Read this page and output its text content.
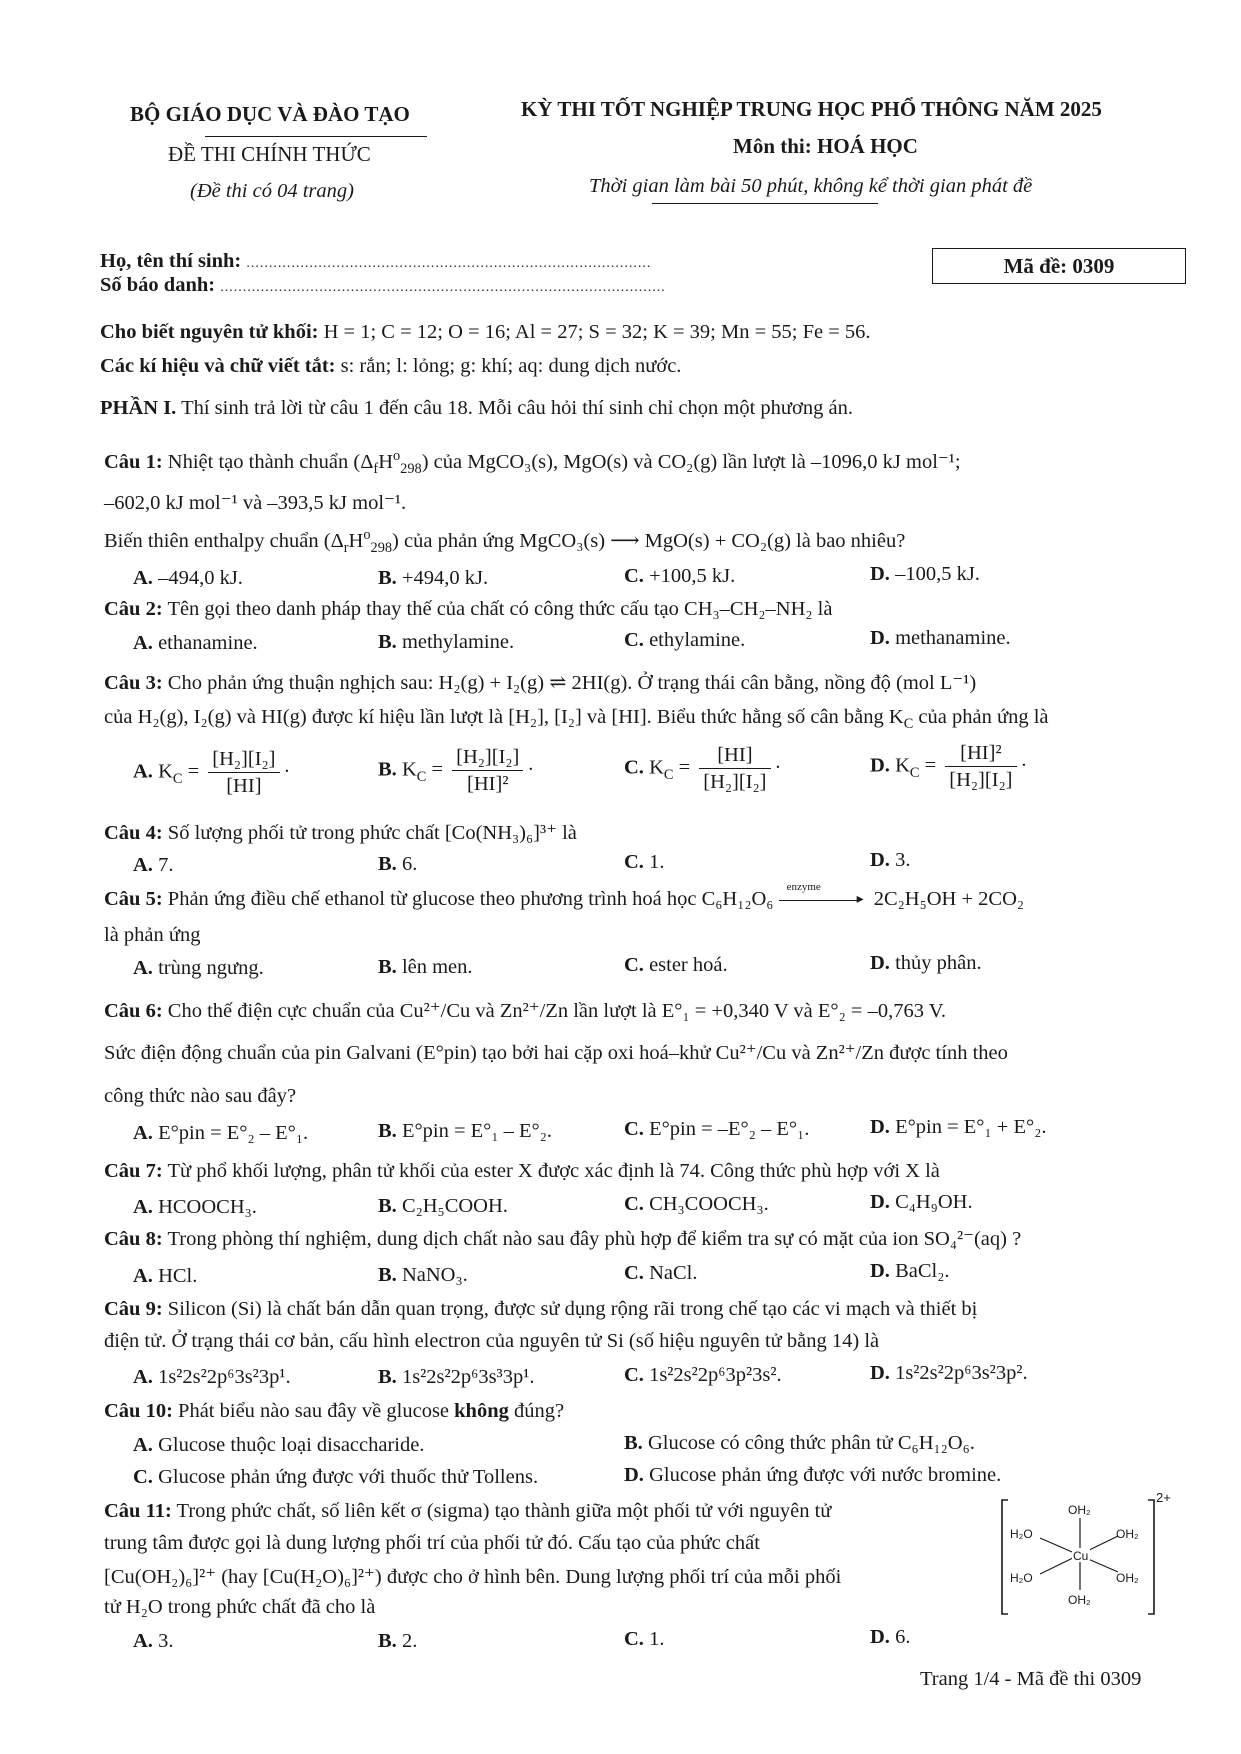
BỘ GIÁO DỤC VÀ ĐÀO TẠO
ĐỀ THI CHÍNH THỨC
(Đề thi có 04 trang)
KỲ THI TỐT NGHIỆP TRUNG HỌC PHỔ THÔNG NĂM 2025
Môn thi: HOÁ HỌC
Thời gian làm bài 50 phút, không kể thời gian phát đề
Họ, tên thí sinh: ..........................................................................................
Số báo danh: ...................................................................................................
Mã đề: 0309
Cho biết nguyên tử khối: H = 1; C = 12; O = 16; Al = 27; S = 32; K = 39; Mn = 55; Fe = 56.
Các kí hiệu và chữ viết tắt: s: rắn; l: lỏng; g: khí; aq: dung dịch nước.
PHẦN I. Thí sinh trả lời từ câu 1 đến câu 18. Mỗi câu hỏi thí sinh chỉ chọn một phương án.
Câu 1: Nhiệt tạo thành chuẩn $(\Delta_fH^o_{298})$ của MgCO₃(s), MgO(s) và CO₂(g) lần lượt là –1096,0 kJ mol⁻¹;
–602,0 kJ mol⁻¹ và –393,5 kJ mol⁻¹.
Biến thiên enthalpy chuẩn $(\Delta_rH^o_{298})$ của phản ứng MgCO₃(s) ⟶ MgO(s) + CO₂(g) là bao nhiêu?
A. –494,0 kJ.	B. +494,0 kJ.	C. +100,5 kJ.	D. –100,5 kJ.
Câu 2: Tên gọi theo danh pháp thay thế của chất có công thức cấu tạo CH₃–CH₂–NH₂ là
A. ethanamine.	B. methylamine.	C. ethylamine.	D. methanamine.
Câu 3: Cho phản ứng thuận nghịch sau: H₂(g) + I₂(g) ⇌ 2HI(g). Ở trạng thái cân bằng, nồng độ (mol L⁻¹)
của H₂(g), I₂(g) và HI(g) được kí hiệu lần lượt là [H₂], [I₂] và [HI]. Biểu thức hằng số cân bằng $K_C$ của phản ứng là
A. $K_C = \frac{\text{[H₂][I₂]}}{[HI]}$ ·	B. $K_C = \frac{\text{[H₂][I₂]}}{\text{[HI]²}}$ ·	C. $K_C = \frac{[HI]}{\text{[H₂][I₂]}}$ ·	D. $K_C = \frac{\text{[HI]²}}{\text{[H₂][I₂]}}$ ·
Câu 4: Số lượng phối tử trong phức chất [Co(NH₃)₆]³⁺ là
A. 7.	B. 6.	C. 1.	D. 3.
Câu 5: Phản ứng điều chế ethanol từ glucose theo phương trình hoá học C₆H₁₂O₆
enzyme
▸ 2C₂H₅OH + 2CO₂
là phản ứng
A. trùng ngưng.	B. lên men.	C. ester hoá.	D. thủy phân.
Câu 6: Cho thế điện cực chuẩn của Cu²⁺/Cu và Zn²⁺/Zn lần lượt là E°₁ = +0,340 V và E°₂ = –0,763 V.
Sức điện động chuẩn của pin Galvani (E°pin) tạo bởi hai cặp oxi hoá–khử Cu²⁺/Cu và Zn²⁺/Zn được tính theo
công thức nào sau đây?
A. E°pin = E°₂ – E°₁.	B. E°pin = E°₁ – E°₂.	C. E°pin = –E°₂ – E°₁.	D. E°pin = E°₁ + E°₂.
Câu 7: Từ phổ khối lượng, phân tử khối của ester X được xác định là 74. Công thức phù hợp với X là
A. HCOOCH₃.	B. C₂H₅COOH.	C. CH₃COOCH₃.	D. C₄H₉OH.
Câu 8: Trong phòng thí nghiệm, dung dịch chất nào sau đây phù hợp để kiểm tra sự có mặt của ion SO₄²⁻(aq) ?
A. HCl.	B. NaNO₃.	C. NaCl.	D. BaCl₂.
Câu 9: Silicon (Si) là chất bán dẫn quan trọng, được sử dụng rộng rãi trong chế tạo các vi mạch và thiết bị
điện tử. Ở trạng thái cơ bản, cấu hình electron của nguyên tử Si (số hiệu nguyên tử bằng 14) là
A. 1s²2s²2p⁶3s²3p¹.	B. 1s²2s²2p⁶3s³3p¹.	C. 1s²2s²2p⁶3p²3s².	D. 1s²2s²2p⁶3s²3p².
Câu 10: Phát biểu nào sau đây về glucose không đúng?
A. Glucose thuộc loại disaccharide.	B. Glucose có công thức phân tử C₆H₁₂O₆.
C. Glucose phản ứng được với thuốc thử Tollens.	D. Glucose phản ứng được với nước bromine.
Câu 11: Trong phức chất, số liên kết σ (sigma) tạo thành giữa một phối tử với nguyên tử
trung tâm được gọi là dung lượng phối trí của phối tử đó. Cấu tạo của phức chất
[Cu(OH₂)₆]²⁺ (hay [Cu(H₂O)₆]²⁺) được cho ở hình bên. Dung lượng phối trí của mỗi phối
tử H₂O trong phức chất đã cho là
A. 3.	B. 2.	C. 1.	D. 6.
Cu
OH₂
OH₂
H₂O
H₂O
OH₂
OH₂
2+
Trang 1/4 - Mã đề thi 0309
